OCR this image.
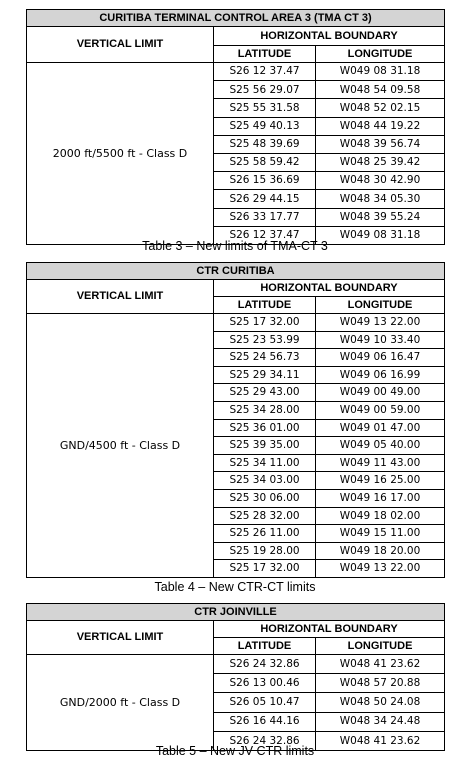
CURITIBA TERMINAL CONTROL AREA 3 (TMA CT 3)		
VERTICAL LIMIT	HORIZONTAL BOUNDARY	
	LATITUDE	LONGITUDE
2000 ft/5500 ft - Class D	S26 12 37.47	W049 08 31.18
	S25 56 29.07	W048 54 09.58
	S25 55 31.58	W048 52 02.15
	S25 49 40.13	W048 44 19.22
	S25 48 39.69	W048 39 56.74
	S25 58 59.42	W048 25 39.42
	S26 15 36.69	W048 30 42.90
	S26 29 44.15	W048 34 05.30
	S26 33 17.77	W048 39 55.24
	S26 12 37.47	W049 08 31.18
Table 3 – New limits of TMA-CT 3
CTR CURITIBA		
VERTICAL LIMIT	HORIZONTAL BOUNDARY	
	LATITUDE	LONGITUDE
GND/4500 ft - Class D	S25 17 32.00	W049 13 22.00
	S25 23 53.99	W049 10 33.40
	S25 24 56.73	W049 06 16.47
	S25 29 34.11	W049 06 16.99
	S25 29 43.00	W049 00 49.00
	S25 34 28.00	W049 00 59.00
	S25 36 01.00	W049 01 47.00
	S25 39 35.00	W049 05 40.00
	S25 34 11.00	W049 11 43.00
	S25 34 03.00	W049 16 25.00
	S25 30 06.00	W049 16 17.00
	S25 28 32.00	W049 18 02.00
	S25 26 11.00	W049 15 11.00
	S25 19 28.00	W049 18 20.00
	S25 17 32.00	W049 13 22.00
Table 4 – New CTR-CT limits
CTR JOINVILLE		
VERTICAL LIMIT	HORIZONTAL BOUNDARY	
	LATITUDE	LONGITUDE
GND/2000 ft - Class D	S26 24 32.86	W048 41 23.62
	S26 13 00.46	W048 57 20.88
	S26 05 10.47	W048 50 24.08
	S26 16 44.16	W048 34 24.48
	S26 24 32.86	W048 41 23.62
Table 5 – New JV CTR limits
